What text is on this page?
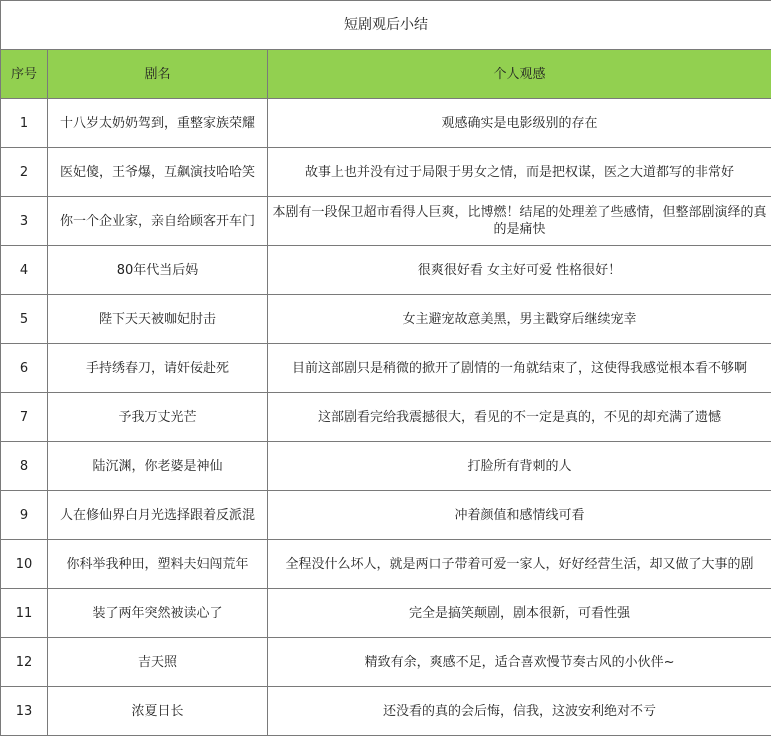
短剧观后小结		
序号	剧名	个人观感
1	十八岁太奶奶驾到，重整家族荣耀	观感确实是电影级别的存在
2	医妃傻，王爷爆，互飙演技哈哈笑	故事上也并没有过于局限于男女之情，而是把权谋，医之大道都写的非常好
3	你一个企业家，亲自给顾客开车门	本剧有一段保卫超市看得人巨爽，比博燃！结尾的处理差了些感情，但整部剧演绎的真的是痛快
4	80年代当后妈	很爽很好看 女主好可爱 性格很好！
5	陛下天天被咖妃肘击	女主避宠故意美黑，男主戳穿后继续宠幸
6	手持绣春刀，请奸佞赴死	目前这部剧只是稍微的掀开了剧情的一角就结束了，这使得我感觉根本看不够啊
7	予我万丈光芒	这部剧看完给我震撼很大，看见的不一定是真的，不见的却充满了遗憾
8	陆沉渊，你老婆是神仙	打脸所有背刺的人
9	人在修仙界白月光选择跟着反派混	冲着颜值和感情线可看
10	你科举我种田，塑料夫妇闯荒年	全程没什么坏人，就是两口子带着可爱一家人，好好经营生活，却又做了大事的剧
11	装了两年突然被读心了	完全是搞笑颠剧，剧本很新，可看性强
12	吉天照	精致有余，爽感不足，适合喜欢慢节奏古风的小伙伴~
13	浓夏日长	还没看的真的会后悔，信我，这波安利绝对不亏
